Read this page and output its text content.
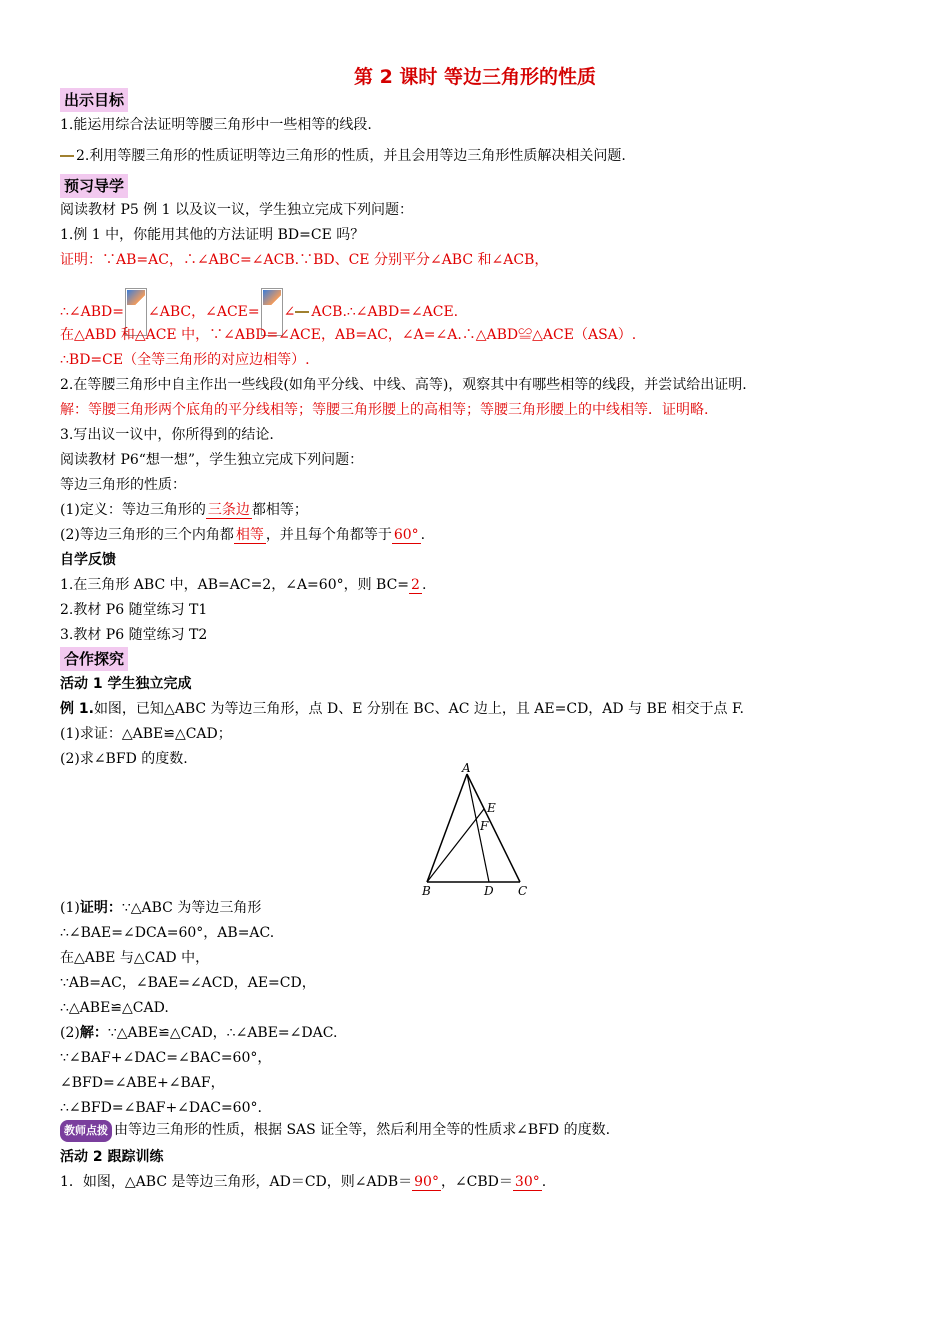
第 2 课时 等边三角形的性质
出示目标
1.能运用综合法证明等腰三角形中一些相等的线段.
2.利用等腰三角形的性质证明等边三角形的性质，并且会用等边三角形性质解决相关问题.
预习导学
阅读教材 P5 例 1 以及议一议，学生独立完成下列问题：
1.例 1 中，你能用其他的方法证明 BD=CE 吗？
证明：∵AB=AC，∴∠ABC=∠ACB.∵BD、CE 分别平分∠ABC 和∠ACB，
∴∠ABD= ∠ABC，∠ACE= ∠ ACB.∴∠ABD=∠ACE.
在△ABD 和△ACE 中，∵∠ABD=∠ACE，AB=AC，∠A=∠A.∴△ABD≌△ACE（ASA）.
∴BD=CE（全等三角形的对应边相等）.
2.在等腰三角形中自主作出一些线段(如角平分线、中线、高等)，观察其中有哪些相等的线段，并尝试给出证明.
解：等腰三角形两个底角的平分线相等；等腰三角形腰上的高相等；等腰三角形腰上的中线相等．证明略.
3.写出议一议中，你所得到的结论.
阅读教材 P6“想一想”，学生独立完成下列问题：
等边三角形的性质：
(1)定义：等边三角形的 三条边 都相等；
(2)等边三角形的三个内角都 相等 ，并且每个角都等于 60° .
自学反馈
1.在三角形 ABC 中，AB=AC=2，∠A=60°，则 BC= 2 .
2.教材 P6 随堂练习 T1
3.教材 P6 随堂练习 T2
合作探究
活动 1 学生独立完成
例 1.如图，已知△ABC 为等边三角形，点 D、E 分别在 BC、AC 边上，且 AE=CD，AD 与 BE 相交于点 F.
(1)求证：△ABE≌△CAD；
(2)求∠BFD 的度数.
A
E
F
B	D C
(1)证明：∵△ABC 为等边三角形
∴∠BAE=∠DCA=60°，AB=AC.
在△ABE 与△CAD 中，
∵AB=AC，∠BAE=∠ACD，AE=CD，
∴△ABE≌△CAD.
(2)解：∵△ABE≌△CAD，∴∠ABE=∠DAC.
∵∠BAF+∠DAC=∠BAC=60°，
∠BFD=∠ABE+∠BAF，
∴∠BFD=∠BAF+∠DAC=60°.
教师点拨 由等边三角形的性质，根据 SAS 证全等，然后利用全等的性质求∠BFD 的度数.
活动 2 跟踪训练
1．如图，△ABC 是等边三角形，AD＝CD，则∠ADB＝ 90° ，∠CBD＝ 30° .
